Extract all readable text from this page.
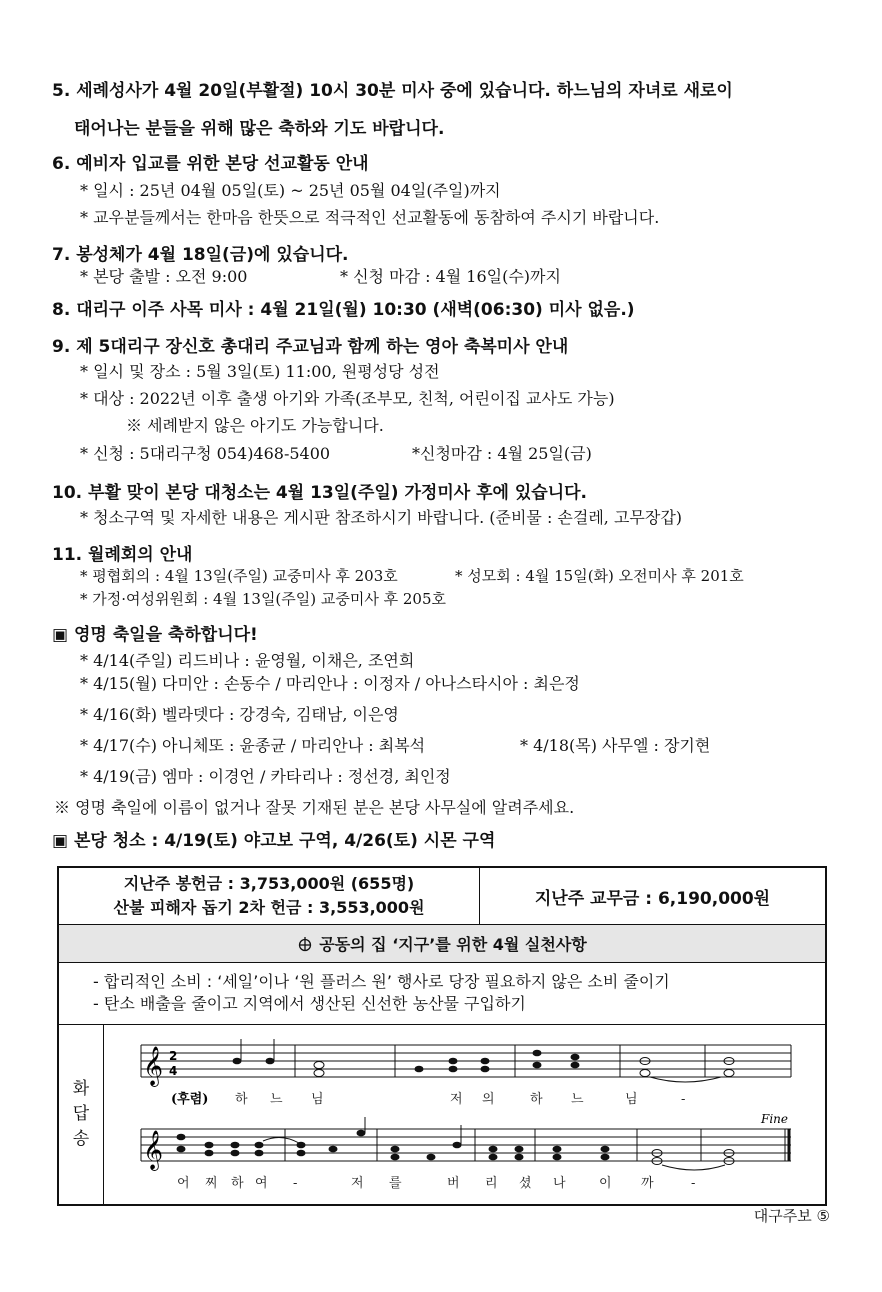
5. 세례성사가 4월 20일(부활절) 10시 30분 미사 중에 있습니다. 하느님의 자녀로 새로이
태어나는 분들을 위해 많은 축하와 기도 바랍니다.
6. 예비자 입교를 위한 본당 선교활동 안내
* 일시 : 25년 04월 05일(토) ~ 25년 05월 04일(주일)까지
* 교우분들께서는 한마음 한뜻으로 적극적인 선교활동에 동참하여 주시기 바랍니다.
7. 봉성체가 4월 18일(금)에 있습니다.
* 본당 출발 : 오전 9:00	* 신청 마감 : 4월 16일(수)까지
8. 대리구 이주 사목 미사 : 4월 21일(월) 10:30 (새벽(06:30) 미사 없음.)
9. 제 5대리구 장신호 총대리 주교님과 함께 하는 영아 축복미사 안내
* 일시 및 장소 : 5월 3일(토) 11:00, 원평성당 성전
* 대상 : 2022년 이후 출생 아기와 가족(조부모, 친척, 어린이집 교사도 가능)
※ 세례받지 않은 아기도 가능합니다.
* 신청 : 5대리구청 054)468-5400	*신청마감 : 4월 25일(금)
10. 부활 맞이 본당 대청소는 4월 13일(주일) 가정미사 후에 있습니다.
* 청소구역 및 자세한 내용은 게시판 참조하시기 바랍니다. (준비물 : 손걸레, 고무장갑)
11. 월례회의 안내
* 평협회의 : 4월 13일(주일) 교중미사 후 203호	* 성모회 : 4월 15일(화) 오전미사 후 201호
* 가정·여성위원회 : 4월 13일(주일) 교중미사 후 205호
▣ 영명 축일을 축하합니다!
* 4/14(주일) 리드비나 : 윤영월, 이채은, 조연희
* 4/15(월) 다미안 : 손동수 / 마리안나 : 이정자 / 아나스타시아 : 최은정
* 4/16(화) 벨라뎃다 : 강경숙, 김태남, 이은영
* 4/17(수) 아니체또 : 윤종균 / 마리안나 : 최복석	* 4/18(목) 사무엘 : 장기현
* 4/19(금) 엠마 : 이경언 / 카타리나 : 정선경, 최인정
※ 영명 축일에 이름이 없거나 잘못 기재된 분은 본당 사무실에 알려주세요.
▣ 본당 청소 : 4/19(토) 야고보 구역, 4/26(토) 시몬 구역
지난주 봉헌금 : 3,753,000원 (655명)
산불 피해자 돕기 2차 헌금 : 3,553,000원	지난주 교무금 : 6,190,000원
공동의 집 ‘지구’를 위한 4월 실천사항
- 합리적인 소비 : ‘세일’이나 ‘원 플러스 원’ 행사로 당장 필요하지 않은 소비 줄이기
- 탄소 배출을 줄이고 지역에서 생산된 신선한 농산물 구입하기
화
답
송
𝄞 2
4
(후렴) 하 느 님	저 의	하 느	님	-
𝄞
Fine
어 찌 하 여 -	저 를	버 리 셨 나	이 까	-
대구주보 ⑤
